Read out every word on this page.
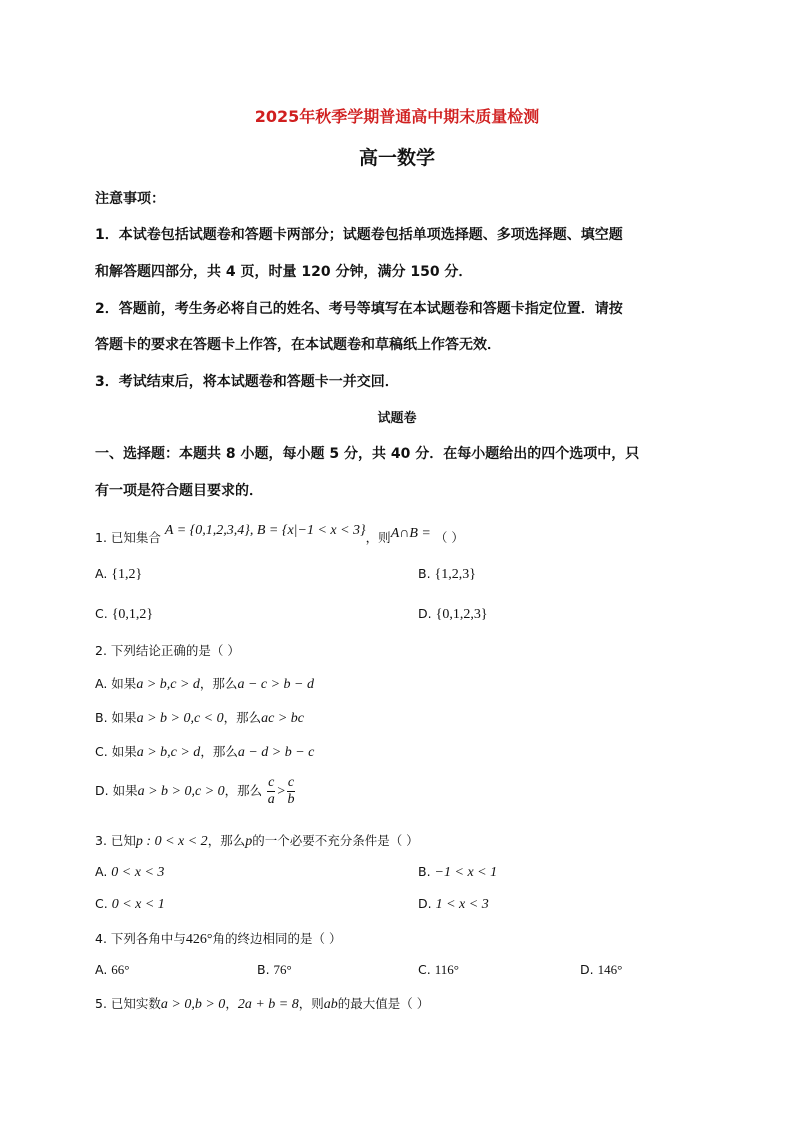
2025年秋季学期普通高中期末质量检测
高一数学
注意事项：
1．本试卷包括试题卷和答题卡两部分；试题卷包括单项选择题、多项选择题、填空题
和解答题四部分，共 4 页，时量 120 分钟，满分 150 分．
2．答题前，考生务必将自己的姓名、考号等填写在本试题卷和答题卡指定位置．请按
答题卡的要求在答题卡上作答，在本试题卷和草稿纸上作答无效．
3．考试结束后，将本试题卷和答题卡一并交回．
试题卷
一、选择题：本题共 8 小题，每小题 5 分，共 40 分．在每小题给出的四个选项中，只
有一项是符合题目要求的．
1. 已知集合 A = {0,1,2,3,4}, B = {x|−1 < x < 3}，则A∩B = （ ）
A. {1,2}	B. {1,2,3}
C. {0,1,2}	D. {0,1,2,3}
2. 下列结论正确的是（ ）
A. 如果a > b,c > d，那么a − c > b − d
B. 如果a > b > 0,c < 0，那么ac > bc
C. 如果a > b,c > d，那么a − d > b − c
D. 如果a > b > 0,c > 0，那么 $\frac{c}{a} > \frac{c}{b}$
3. 已知p : 0 < x < 2，那么p的一个必要不充分条件是（ ）
A. 0 < x < 3	B. −1 < x < 1
C. 0 < x < 1	D. 1 < x < 3
4. 下列各角中与426°角的终边相同的是（ ）
A. 66°	B. 76°	C. 116°	D. 146°
5. 已知实数a > 0,b > 0，2a + b = 8，则ab的最大值是（ ）
